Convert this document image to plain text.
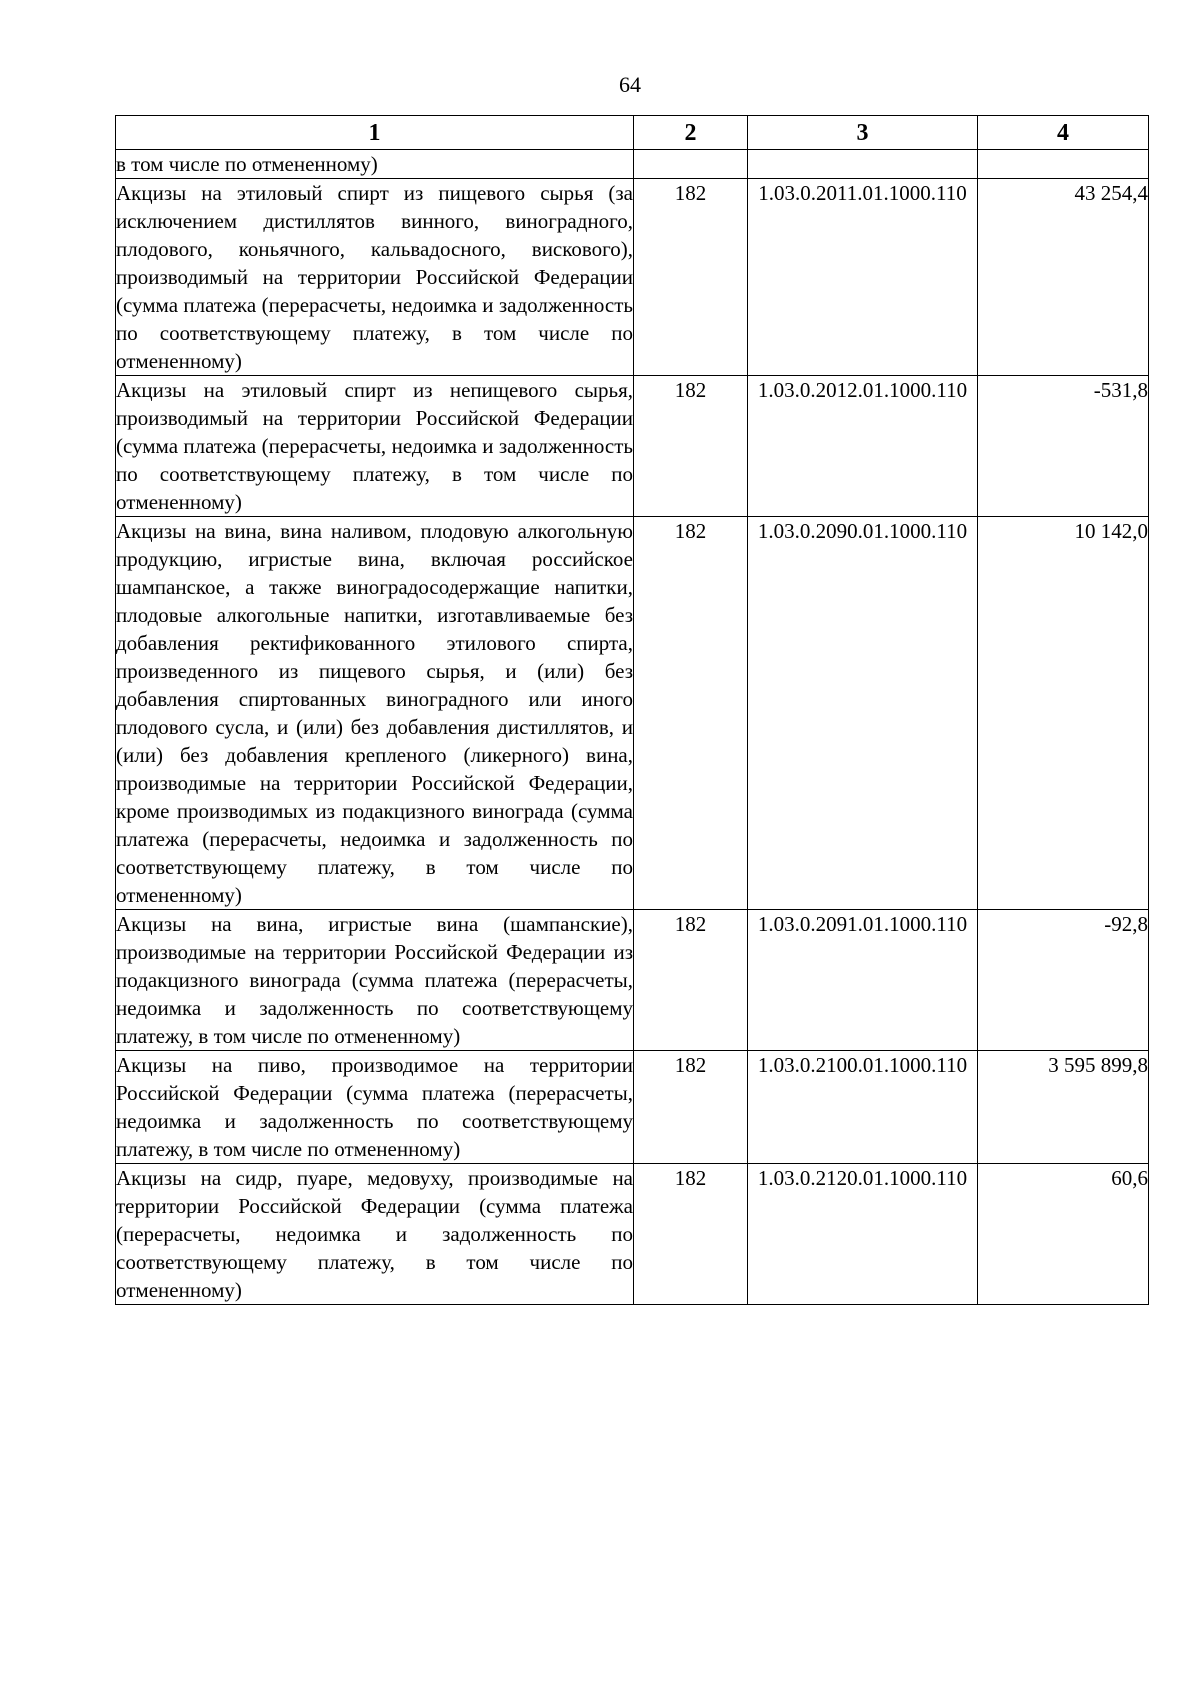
64
1	2	3	4
в том числе по отмененному)			
Акцизы на этиловый спирт из пищевого сырья (за исключением дистиллятов винного, виноградного, плодового, коньячного, кальвадосного, вискового), производимый на территории Российской Федерации (сумма платежа (перерасчеты, недоимка и задолженность по соответствующему платежу, в том числе по отмененному)	182	1.03.0.2011.01.1000.110	43 254,4
Акцизы на этиловый спирт из непищевого сырья, производимый на территории Российской Федерации (сумма платежа (перерасчеты, недоимка и задолженность по соответствующему платежу, в том числе по отмененному)	182	1.03.0.2012.01.1000.110	-531,8
Акцизы на вина, вина наливом, плодовую алкогольную продукцию, игристые вина, включая российское шампанское, а также виноградосодержащие напитки, плодовые алкогольные напитки, изготавливаемые без добавления ректификованного этилового спирта, произведенного из пищевого сырья, и (или) без добавления спиртованных виноградного или иного плодового сусла, и (или) без добавления дистиллятов, и (или) без добавления крепленого (ликерного) вина, производимые на территории Российской Федерации, кроме производимых из подакцизного винограда (сумма платежа (перерасчеты, недоимка и задолженность по соответствующему платежу, в том числе по отмененному)	182	1.03.0.2090.01.1000.110	10 142,0
Акцизы на вина, игристые вина (шампанские), производимые на территории Российской Федерации из подакцизного винограда (сумма платежа (перерасчеты, недоимка и задолженность по соответствующему платежу, в том числе по отмененному)	182	1.03.0.2091.01.1000.110	-92,8
Акцизы на пиво, производимое на территории Российской Федерации (сумма платежа (перерасчеты, недоимка и задолженность по соответствующему платежу, в том числе по отмененному)	182	1.03.0.2100.01.1000.110	3 595 899,8
Акцизы на сидр, пуаре, медовуху, производимые на территории Российской Федерации (сумма платежа (перерасчеты, недоимка и задолженность по соответствующему платежу, в том числе по отмененному)	182	1.03.0.2120.01.1000.110	60,6
